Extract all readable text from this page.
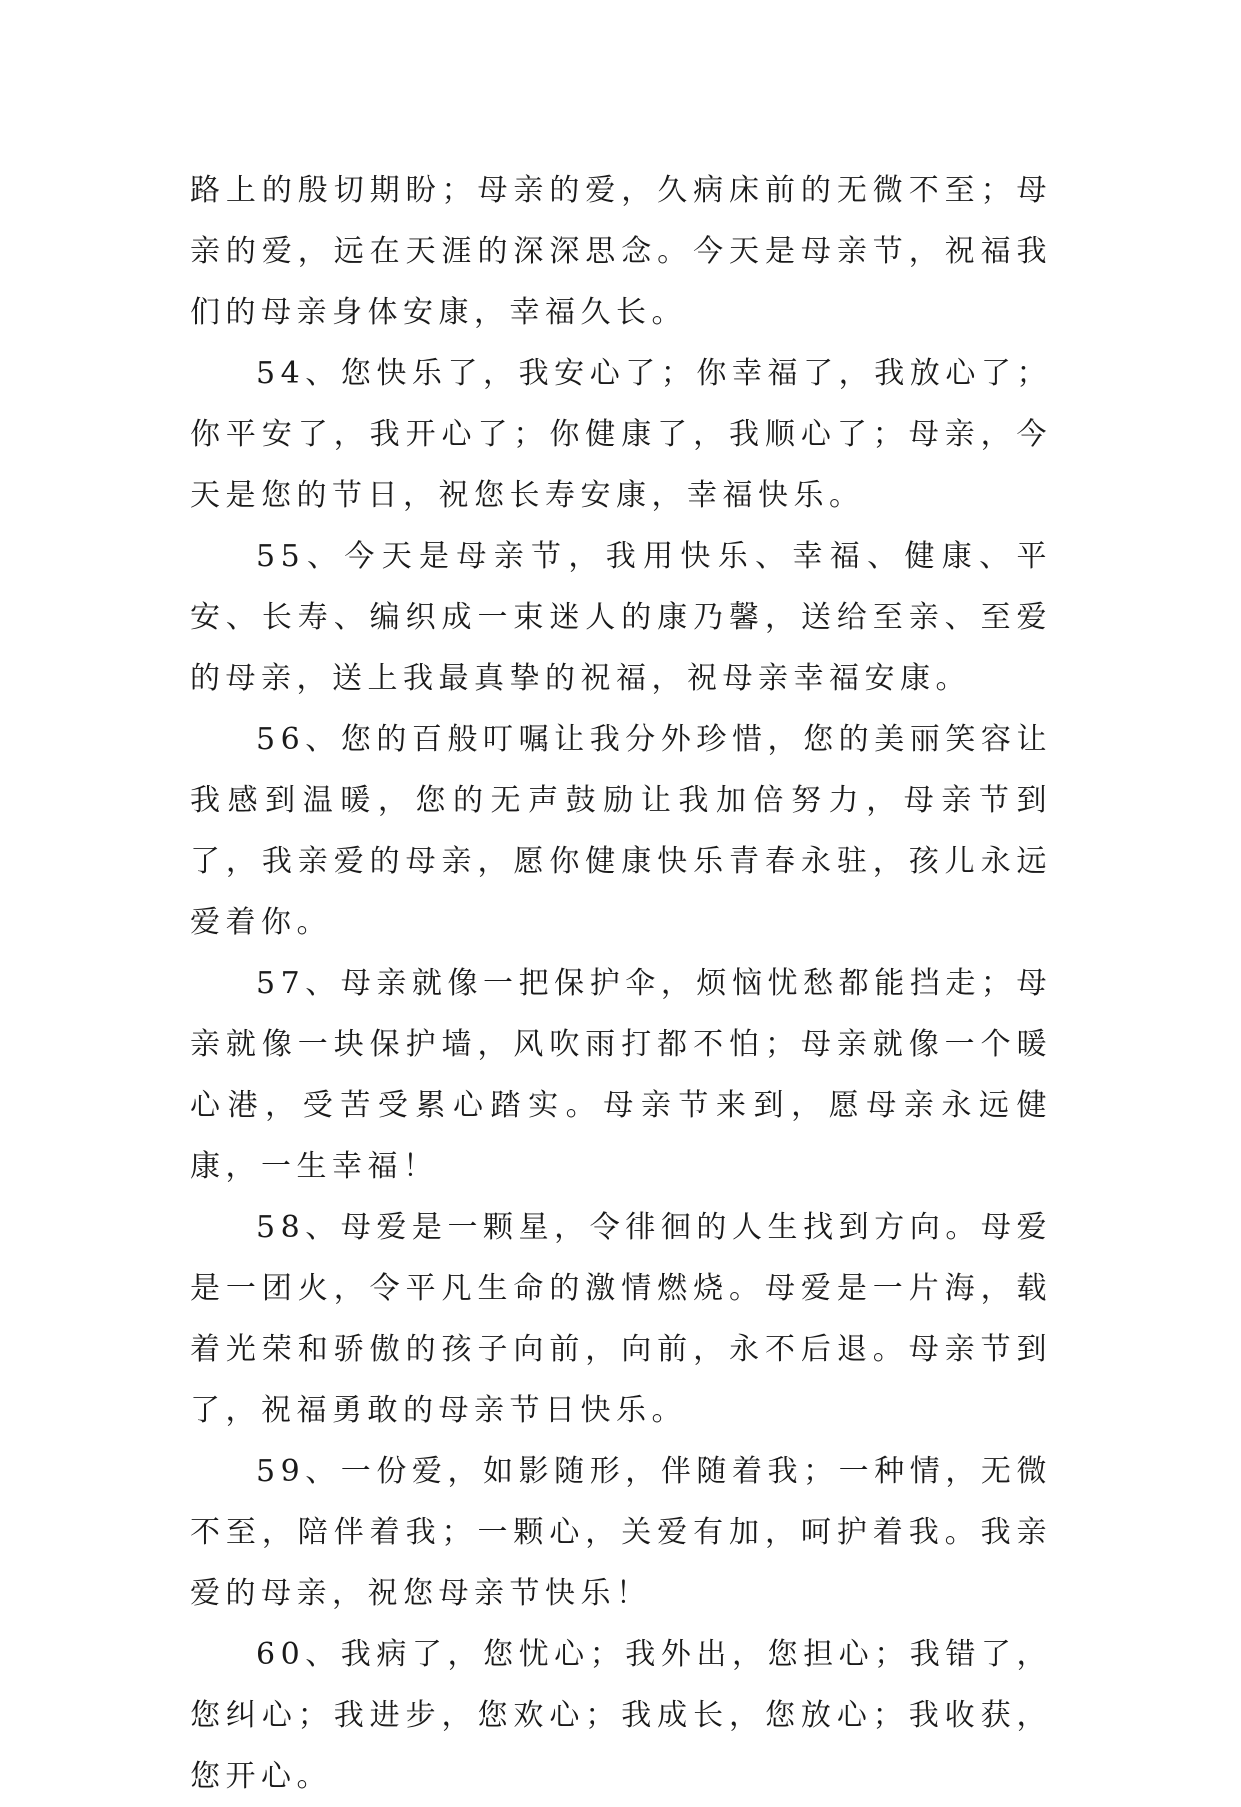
路上的殷切期盼；母亲的爱，久病床前的无微不至；母亲的爱，远在天涯的深深思念。今天是母亲节，祝福我们的母亲身体安康，幸福久长。

54、您快乐了，我安心了；你幸福了，我放心了；你平安了，我开心了；你健康了，我顺心了；母亲，今天是您的节日，祝您长寿安康，幸福快乐。

55、今天是母亲节，我用快乐、幸福、健康、平安、长寿、编织成一束迷人的康乃馨，送给至亲、至爱的母亲，送上我最真挚的祝福，祝母亲幸福安康。

56、您的百般叮嘱让我分外珍惜，您的美丽笑容让我感到温暖，您的无声鼓励让我加倍努力，母亲节到了，我亲爱的母亲，愿你健康快乐青春永驻，孩儿永远爱着你。

57、母亲就像一把保护伞，烦恼忧愁都能挡走；母亲就像一块保护墙，风吹雨打都不怕；母亲就像一个暖心港，受苦受累心踏实。母亲节来到，愿母亲永远健康，一生幸福！

58、母爱是一颗星，令徘徊的人生找到方向。母爱是一团火，令平凡生命的激情燃烧。母爱是一片海，载着光荣和骄傲的孩子向前，向前，永不后退。母亲节到了，祝福勇敢的母亲节日快乐。

59、一份爱，如影随形，伴随着我；一种情，无微不至，陪伴着我；一颗心，关爱有加，呵护着我。我亲爱的母亲，祝您母亲节快乐！

60、我病了，您忧心；我外出，您担心；我错了，您纠心；我进步，您欢心；我成长，您放心；我收获，您开心。
